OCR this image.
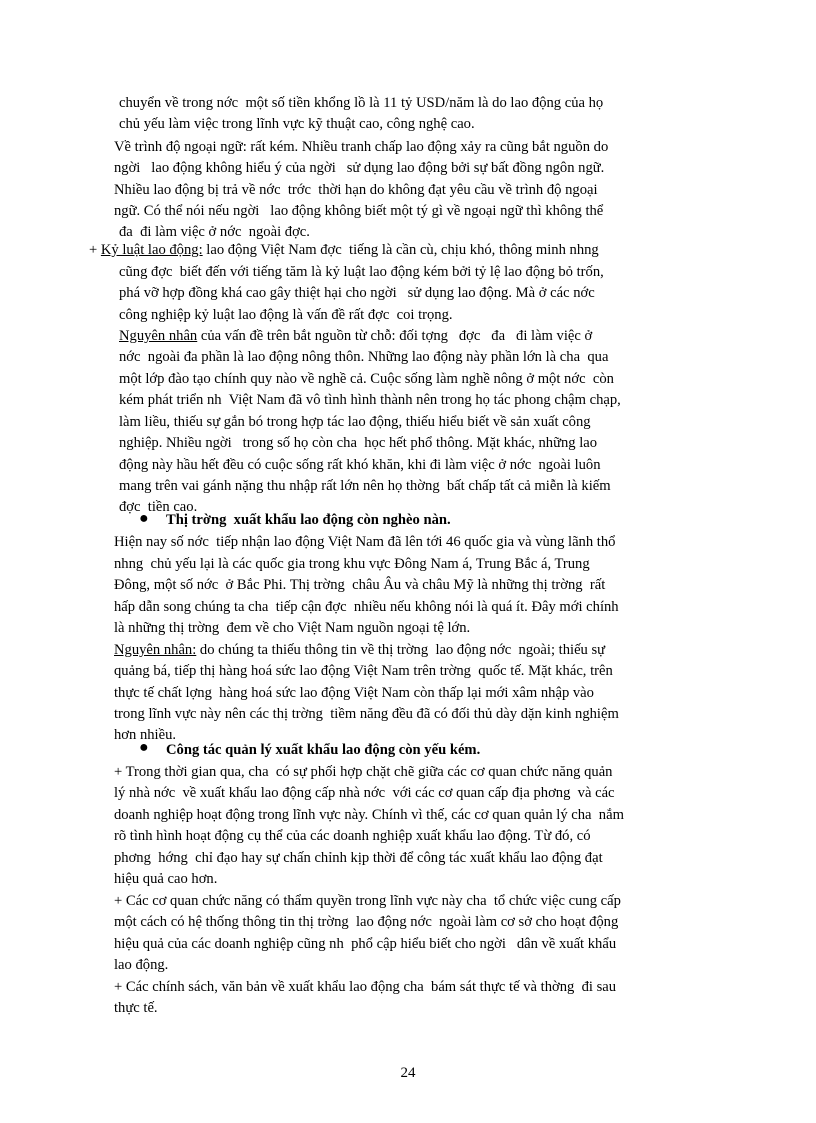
chuyển về trong nớc  một số tiền khổng lồ là 11 tỷ USD/năm là do lao động của họ
chủ yếu làm việc trong lĩnh vực kỹ thuật cao, công nghệ cao.
Về trình độ ngoại ngữ: rất kém. Nhiều tranh chấp lao động xảy ra cũng bắt nguồn do
ngời   lao động không hiểu ý của ngời   sử dụng lao động bởi sự bất đồng ngôn ngữ.
Nhiều lao động bị trả về nớc  trớc  thời hạn do không đạt yêu cầu về trình độ ngoại
ngữ. Có thể nói nếu ngời   lao động không biết một tý gì về ngoại ngữ thì không thể
đa  đi làm việc ở nớc  ngoài đợc.
+ Kỷ luật lao động: lao động Việt Nam đợc  tiếng là cần cù, chịu khó, thông minh nhng
cũng đợc  biết đến với tiếng tăm là kỷ luật lao động kém bởi tỷ lệ lao động bỏ trốn,
phá vỡ hợp đồng khá cao gây thiệt hại cho ngời   sử dụng lao động. Mà ở các nớc
công nghiệp kỷ luật lao động là vấn đề rất đợc  coi trọng.
Nguyên nhân của vấn đề trên bắt nguồn từ chỗ: đối tợng   đợc   đa   đi làm việc ở
nớc  ngoài đa phần là lao động nông thôn. Những lao động này phần lớn là cha  qua
một lớp đào tạo chính quy nào về nghề cả. Cuộc sống làm nghề nông ở một nớc  còn
kém phát triển nh  Việt Nam đã vô tình hình thành nên trong họ tác phong chậm chạp,
làm liều, thiếu sự gắn bó trong hợp tác lao động, thiếu hiểu biết về sản xuất công
nghiệp. Nhiều ngời   trong số họ còn cha  học hết phổ thông. Mặt khác, những lao
động này hầu hết đều có cuộc sống rất khó khăn, khi đi làm việc ở nớc  ngoài luôn
mang trên vai gánh nặng thu nhập rất lớn nên họ thờng  bất chấp tất cả miễn là kiếm
đợc  tiền cao.
● Thị trờng  xuất khẩu lao động còn nghèo nàn.
Hiện nay số nớc  tiếp nhận lao động Việt Nam đã lên tới 46 quốc gia và vùng lãnh thổ
nhng  chủ yếu lại là các quốc gia trong khu vực Đông Nam á, Trung Bắc á, Trung
Đông, một số nớc  ở Bắc Phi. Thị trờng  châu Âu và châu Mỹ là những thị trờng  rất
hấp dẫn song chúng ta cha  tiếp cận đợc  nhiều nếu không nói là quá ít. Đây mới chính
là những thị trờng  đem về cho Việt Nam nguồn ngoại tệ lớn.
Nguyên nhân: do chúng ta thiếu thông tin về thị trờng  lao động nớc  ngoài; thiếu sự
quảng bá, tiếp thị hàng hoá sức lao động Việt Nam trên trờng  quốc tế. Mặt khác, trên
thực tế chất lợng  hàng hoá sức lao động Việt Nam còn thấp lại mới xâm nhập vào
trong lĩnh vực này nên các thị trờng  tiềm năng đều đã có đối thủ dày dặn kinh nghiệm
hơn nhiều.
● Công tác quản lý xuất khẩu lao động còn yếu kém.
+ Trong thời gian qua, cha  có sự phối hợp chặt chẽ giữa các cơ quan chức năng quản
lý nhà nớc  về xuất khẩu lao động cấp nhà nớc  với các cơ quan cấp địa phơng  và các
doanh nghiệp hoạt động trong lĩnh vực này. Chính vì thế, các cơ quan quản lý cha  nắm
rõ tình hình hoạt động cụ thể của các doanh nghiệp xuất khẩu lao động. Từ đó, có
phơng  hớng  chỉ đạo hay sự chấn chỉnh kịp thời để công tác xuất khẩu lao động đạt
hiệu quả cao hơn.
+ Các cơ quan chức năng có thẩm quyền trong lĩnh vực này cha  tổ chức việc cung cấp
một cách có hệ thống thông tin thị trờng  lao động nớc  ngoài làm cơ sở cho hoạt động
hiệu quả của các doanh nghiệp cũng nh  phổ cập hiểu biết cho ngời   dân về xuất khẩu
lao động.
+ Các chính sách, văn bản về xuất khẩu lao động cha  bám sát thực tế và thờng  đi sau
thực tế.
24
